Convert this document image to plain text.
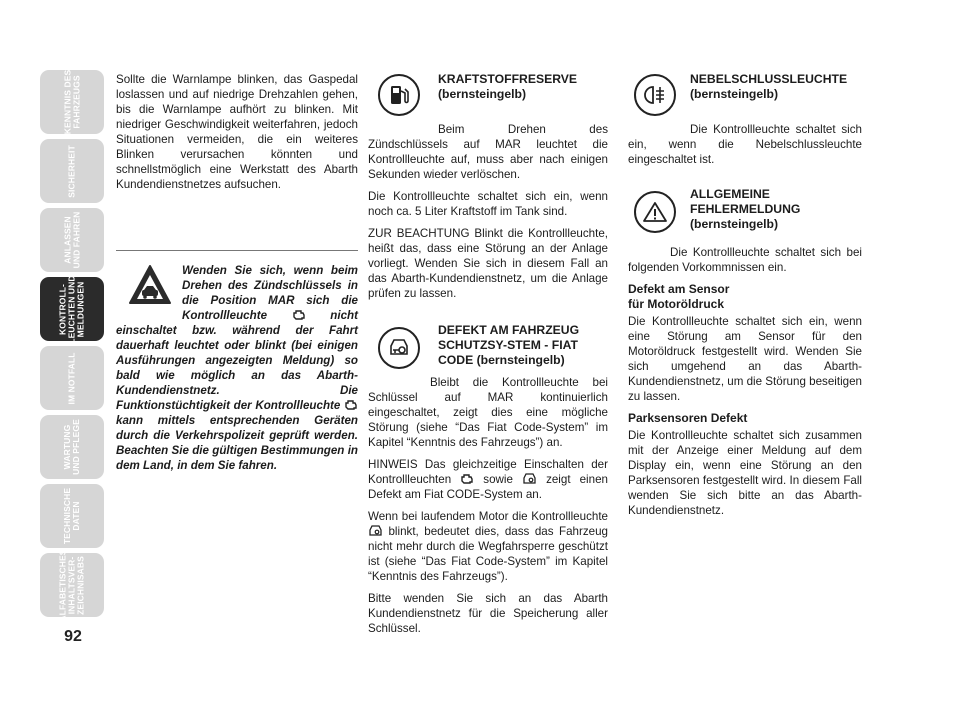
KENNTNIS DES
FAHRZEUGS
SICHERHEIT
ANLASSEN
UND FAHREN
KONTROLL-
LEUCHTEN UND
MELDUNGEN
IM NOTFALL
WARTUNG
UND PFLEGE
TECHNISCHE
DATEN
ALFABETISCHES
INHALTSVER-
ZEICHNISABS
92

Sollte die Warnlampe blinken, das Gaspedal loslassen und auf niedrige Drehzahlen gehen, bis die Warnlampe aufhört zu blinken. Mit niedriger Geschwindigkeit weiterfahren, jedoch Situationen vermeiden, die ein weiteres Blinken verursachen könnten und schnellstmöglich eine Werkstatt des Abarth Kundendienstnetzes aufsuchen.

Wenden Sie sich, wenn beim Drehen des Zündschlüssels in die Position MAR sich die Kontrollleuchte	nicht einschaltet bzw. während der Fahrt dauerhaft leuchtet oder blinkt (bei einigen Ausführungen angezeigten Meldung) so bald wie möglich an das Abarth-Kundendienstnetz. Die Funktionstüchtigkeit der Kontrollleuchte  kann mittels entsprechenden Geräten durch die Verkehrspolizeit geprüft werden. Beachten Sie die gültigen Bestimmungen in dem Land, in dem Sie fahren.

KRAFTSTOFFRESERVE
(bernsteingelb)

Beim Drehen des Zündschlüssels auf MAR leuchtet die Kontrollleuchte auf, muss aber nach einigen Sekunden wieder verlöschen.

Die Kontrollleuchte schaltet sich ein, wenn noch ca. 5 Liter Kraftstoff im Tank sind.

ZUR BEACHTUNG Blinkt die Kontrollleuchte, heißt das, dass eine Störung an der Anlage vorliegt. Wenden Sie sich in diesem Fall an das Abarth-Kundendienstnetz, um die Anlage prüfen zu lassen.

DEFEKT AM FAHRZEUG
SCHUTZSY-STEM - FIAT
CODE (bernsteingelb)

Bleibt die Kontrollleuchte bei Schlüssel auf MAR kontinuierlich eingeschaltet, zeigt dies eine mögliche Störung (siehe “Das Fiat Code-System” im Kapitel “Kenntnis des Fahrzeugs”) an.

HINWEIS Das gleichzeitige Einschalten der Kontrollleuchten	sowie	zeigt einen Defekt am Fiat CODE-System an.

Wenn bei laufendem Motor die Kontrollleuchte  blinkt, bedeutet dies, dass das Fahrzeug nicht mehr durch die Wegfahrsperre geschützt ist (siehe “Das Fiat Code-System” im Kapitel “Kenntnis des Fahrzeugs”).

Bitte wenden Sie sich an das Abarth Kundendienstnetz für die Speicherung aller Schlüssel.

NEBELSCHLUSSLEUCHTE
(bernsteingelb)

Die Kontrollleuchte schaltet sich ein, wenn die Nebelschlussleuchte eingeschaltet ist.

ALLGEMEINE
FEHLERMELDUNG
(bernsteingelb)

Die Kontrollleuchte schaltet sich bei folgenden Vorkommnissen ein.

Defekt am Sensor
für Motoröldruck

Die Kontrollleuchte schaltet sich ein, wenn eine Störung am Sensor für den Motoröldruck festgestellt wird. Wenden Sie sich umgehend an das Abarth-Kundendienstnetz, um die Störung beseitigen zu lassen.

Parksensoren Defekt

Die Kontrollleuchte schaltet sich zusammen mit der Anzeige einer Meldung auf dem Display ein, wenn eine Störung an den Parksensoren festgestellt wird. In diesem Fall wenden Sie sich bitte an das Abarth-Kundendienstnetz.
